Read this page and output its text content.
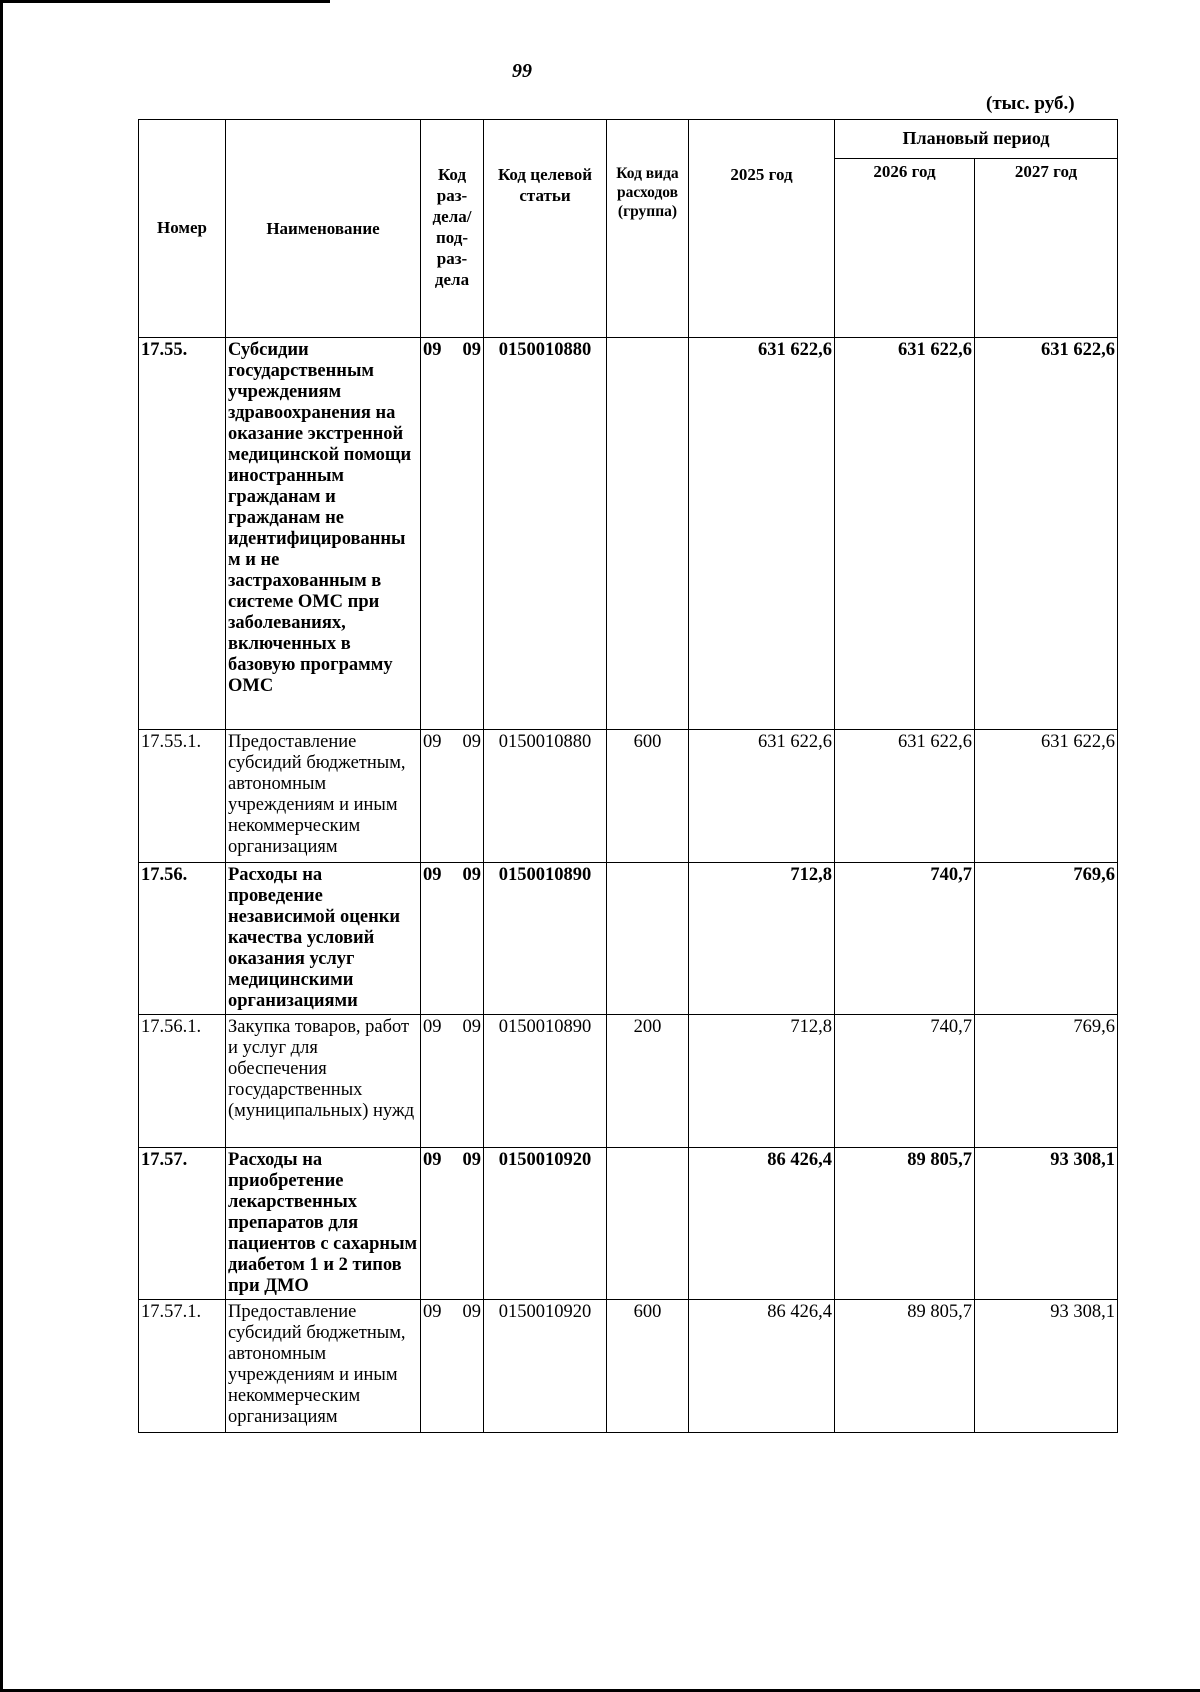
99
(тыс. руб.)
Номер	Наименование	Код раз- дела/ под- раз- дела	Код целевой статьи	Код вида расходов (группа)	2025 год	Плановый период	
						2026 год	2027 год
17.55.	Субсидии государственным учреждениям здравоохранения на оказание экстренной медицинской помощи иностранным гражданам и гражданам не идентифицированны м и не застрахованным в системе ОМС при заболеваниях, включенных в базовую программу ОМС	09 09	0150010880		631 622,6	631 622,6	631 622,6
17.55.1.	Предоставление субсидий бюджетным, автономным учреждениям и иным некоммерческим организациям	09 09	0150010880	600	631 622,6	631 622,6	631 622,6
17.56.	Расходы на проведение независимой оценки качества условий оказания услуг медицинскими организациями	09 09	0150010890		712,8	740,7	769,6
17.56.1.	Закупка товаров, работ и услуг для обеспечения государственных (муниципальных) нужд	09 09	0150010890	200	712,8	740,7	769,6
17.57.	Расходы на приобретение лекарственных препаратов для пациентов с сахарным диабетом 1 и 2 типов при ДМО	09 09	0150010920		86 426,4	89 805,7	93 308,1
17.57.1.	Предоставление субсидий бюджетным, автономным учреждениям и иным некоммерческим организациям	09 09	0150010920	600	86 426,4	89 805,7	93 308,1
